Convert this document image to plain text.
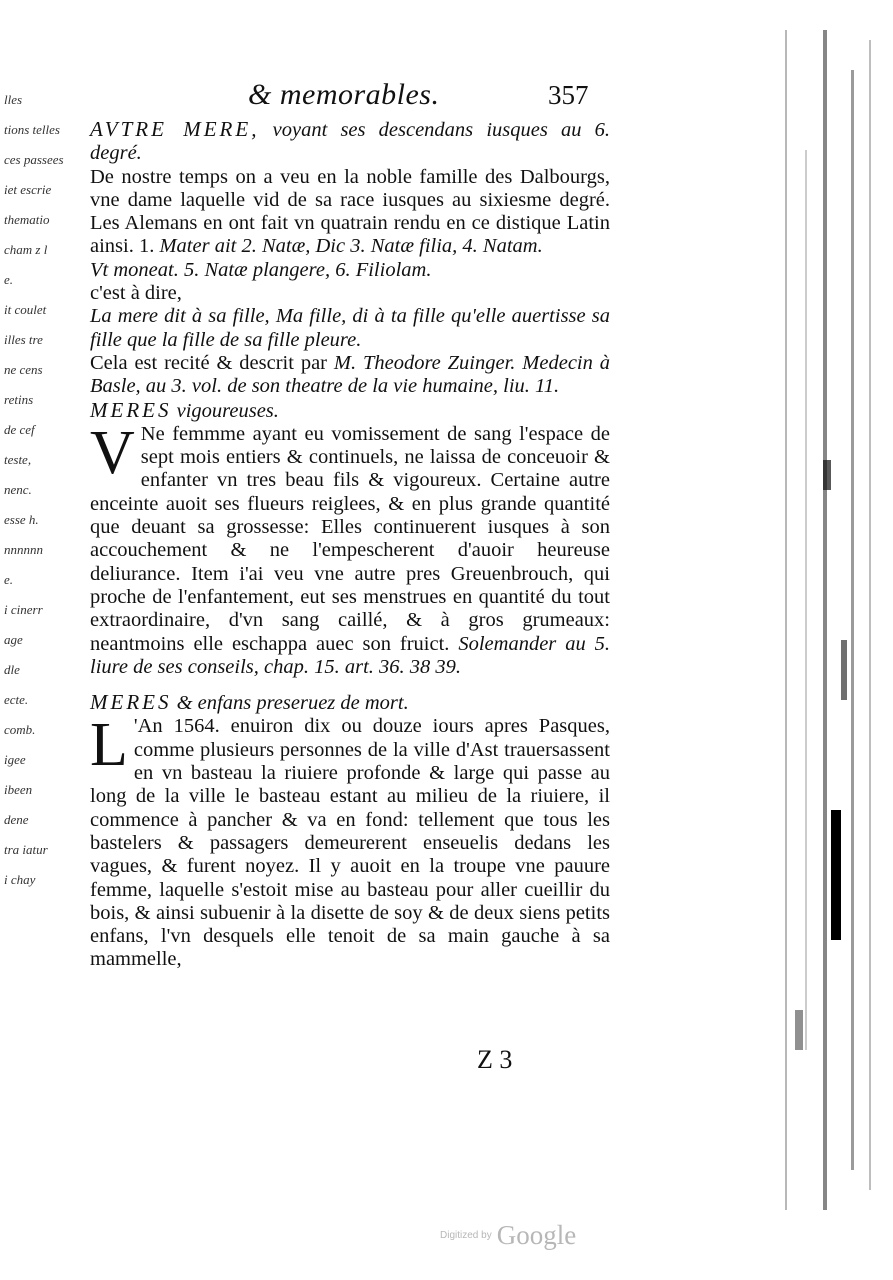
lles
tions telles
ces passees
iet escrie
thematio
cham z l
e.
it coulet
illes tre
ne cens
retins
de cef
teste,
nenc.
esse h.
nnnnnn
e.
i cinerr
age
dle
ecte.
comb.
igee
ibeen
dene
tra iatur
i chay
& memorables.	357

AVTRE MERE, voyant ses descendans iusques au 6. degré.

De nostre temps on a veu en la noble famille des Dalbourgs, vne dame laquelle vid de sa race iusques au sixiesme degré. Les Alemans en ont fait vn quatrain rendu en ce distique Latin ainsi. 1. Mater ait 2. Natæ, Dic 3. Natæ filia, 4. Natam.

Vt moneat. 5. Natæ plangere, 6. Filiolam.

c'est à dire,

La mere dit à sa fille, Ma fille, di à ta fille qu'elle auertisse sa fille que la fille de sa fille pleure.

Cela est recité & descrit par M. Theodore Zuinger. Medecin à Basle, au 3. vol. de son theatre de la vie humaine, liu. 11.

MERES vigoureuses.

V Ne femmme ayant eu vomissement de sang l'espace de sept mois entiers & continuels, ne laissa de conceuoir & enfanter vn tres beau fils & vigoureux. Certaine autre enceinte auoit ses flueurs reiglees, & en plus grande quantité que deuant sa grossesse: Elles continuerent iusques à son accouchement & ne l'empescherent d'auoir heureuse deliurance. Item i'ai veu vne autre pres Greuenbrouch, qui proche de l'enfantement, eut ses menstrues en quantité du tout extraordinaire, d'vn sang caillé, & à gros grumeaux: neantmoins elle eschappa auec son fruict. Solemander au 5. liure de ses conseils, chap. 15. art. 36. 38 39.

MERES & enfans preseruez de mort.

L 'An 1564. enuiron dix ou douze iours apres Pasques, comme plusieurs personnes de la ville d'Ast trauersassent en vn basteau la riuiere profonde & large qui passe au long de la ville le basteau estant au milieu de la riuiere, il commence à pancher & va en fond: tellement que tous les bastelers & passagers demeurerent enseuelis dedans les vagues, & furent noyez. Il y auoit en la troupe vne pauure femme, laquelle s'estoit mise au basteau pour aller cueillir du bois, & ainsi subuenir à la disette de soy & de deux siens petits enfans, l'vn desquels elle tenoit de sa main gauche à sa mammelle,

Z 3
Digitized by Google
